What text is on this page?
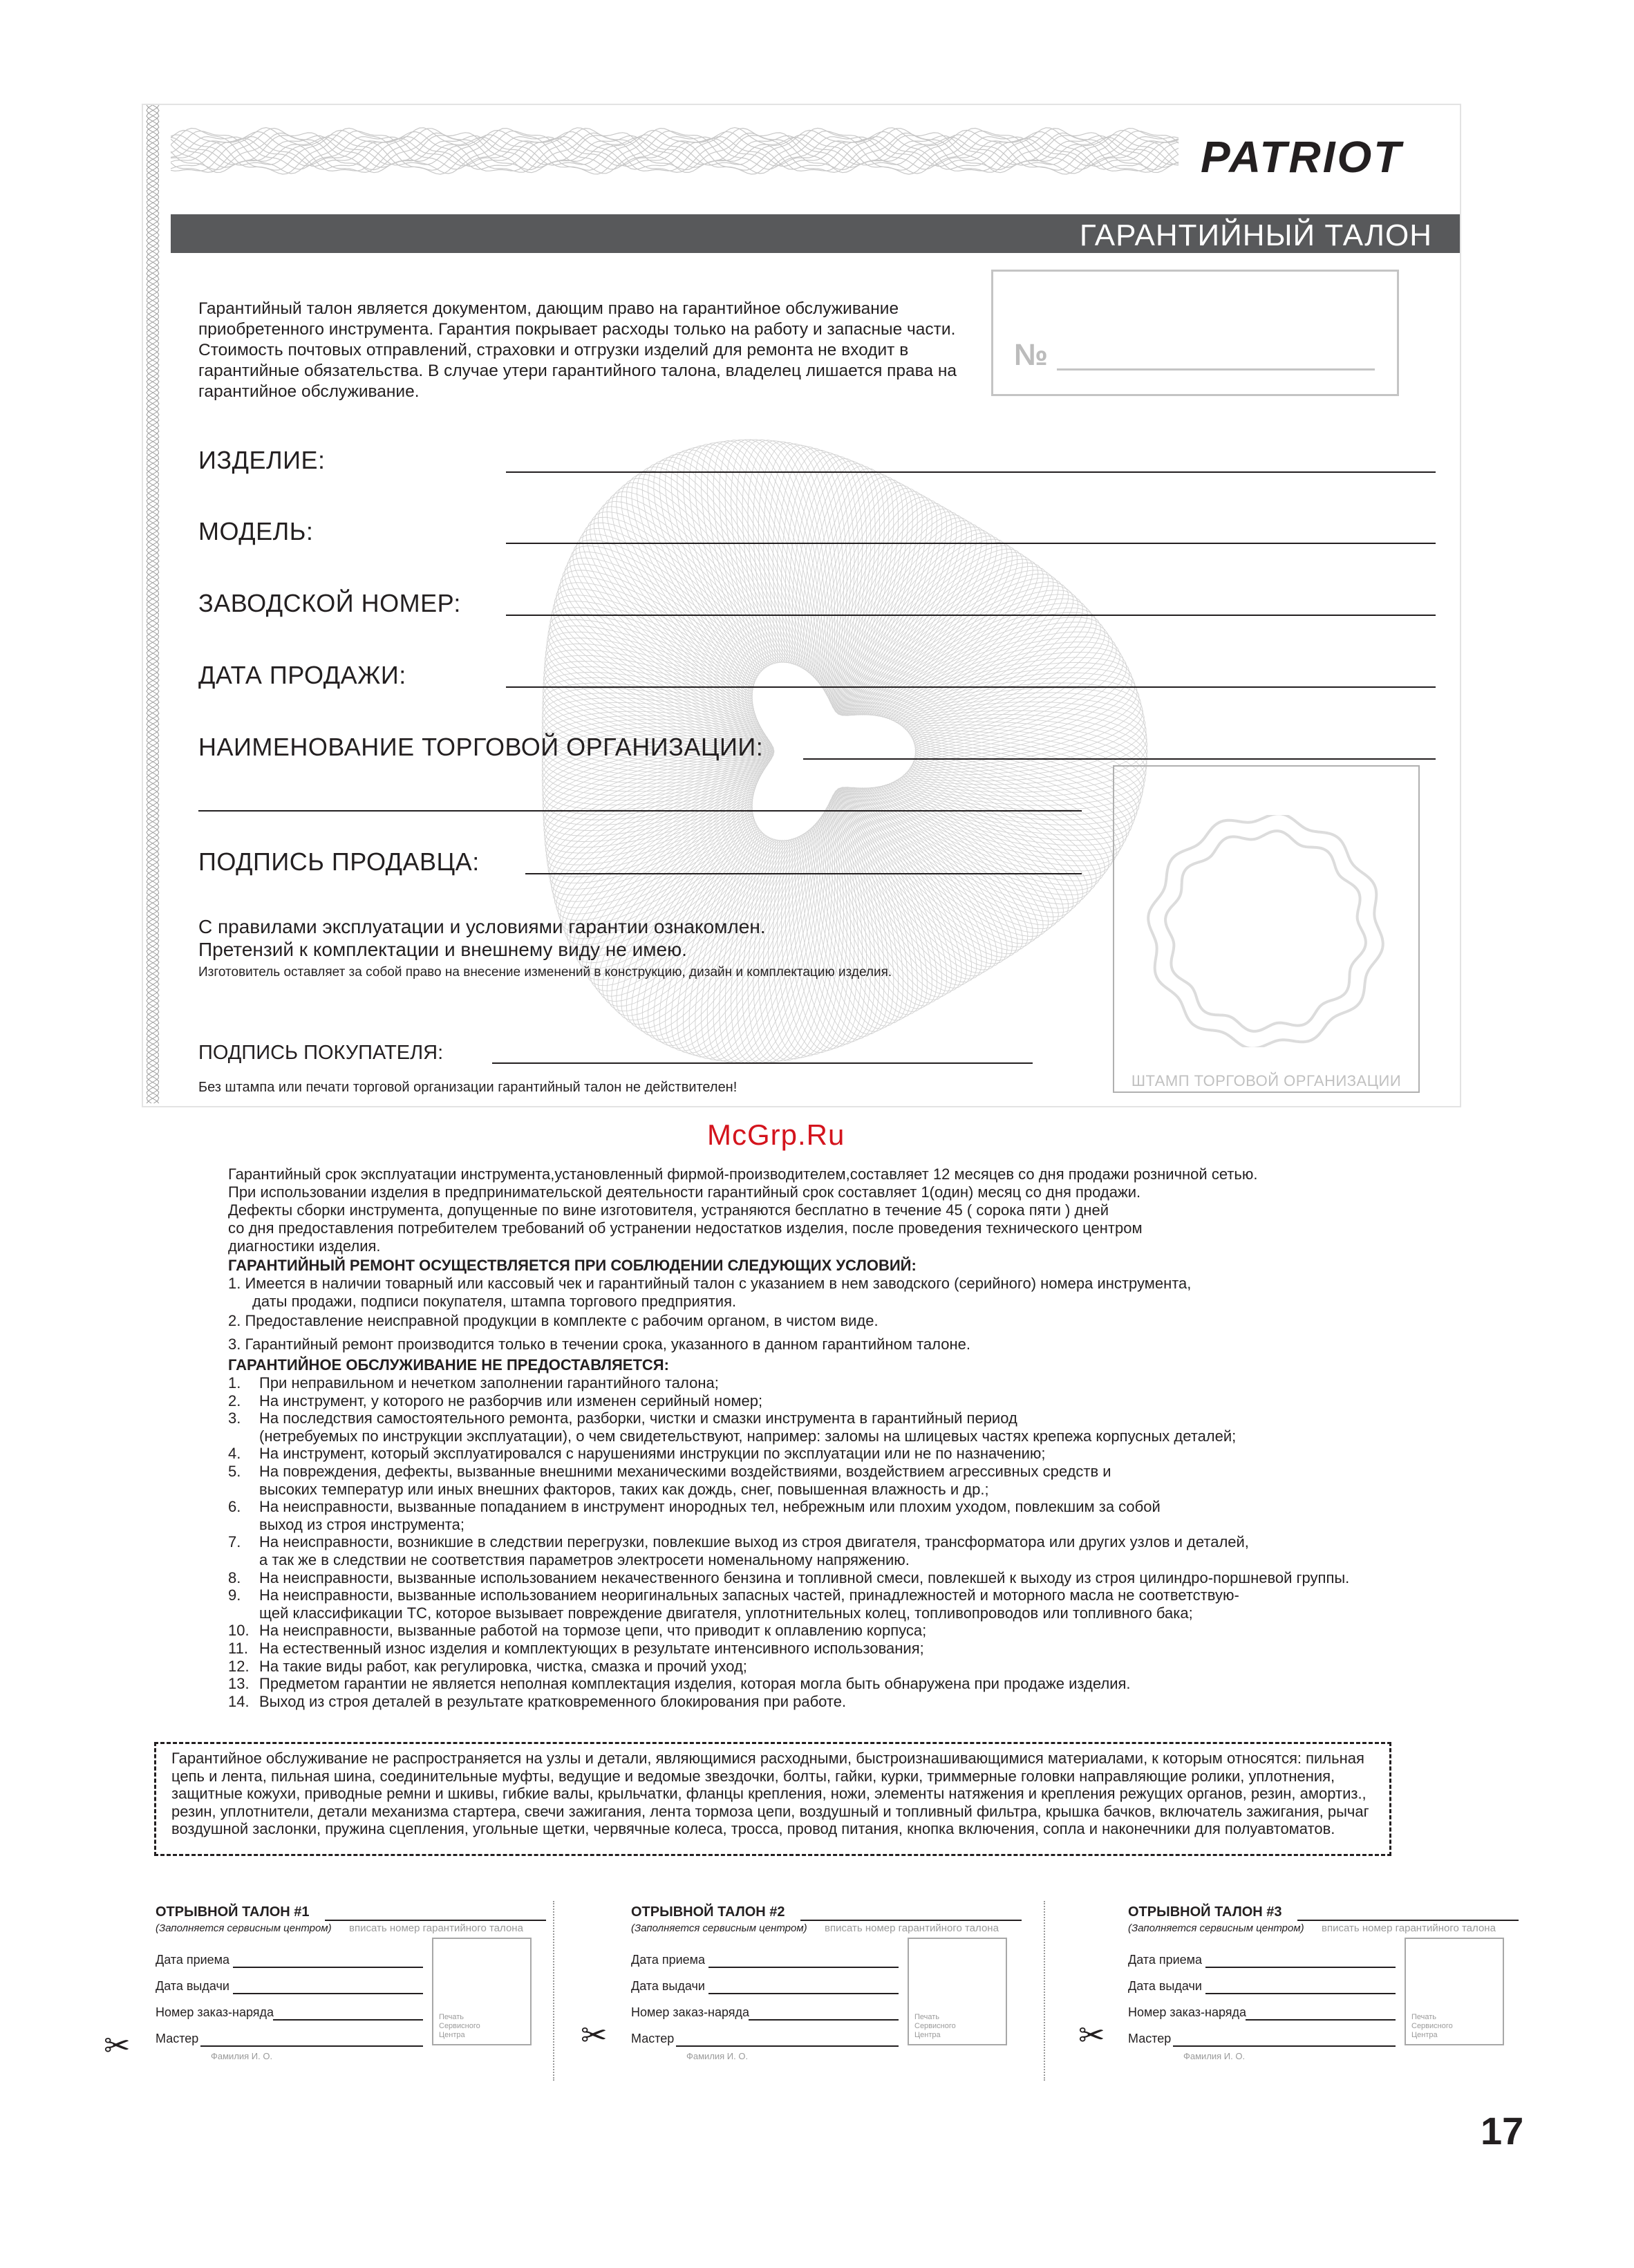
PATRIOT
ГАРАНТИЙНЫЙ ТАЛОН
Гарантийный талон является документом, дающим право на гарантийное обслуживание приобретенного инструмента. Гарантия покрывает расходы только на работу и запасные части. Стоимость почтовых отправлений, страховки и отгрузки изделий для ремонта не входит в гарантийные обязательства. В случае утери гарантийного талона, владелец лишается права на гарантийное обслуживание.
№
ИЗДЕЛИЕ:
МОДЕЛЬ:
ЗАВОДСКОЙ НОМЕР:
ДАТА ПРОДАЖИ:
НАИМЕНОВАНИЕ ТОРГОВОЙ ОРГАНИЗАЦИИ:
ПОДПИСЬ ПРОДАВЦА:
ШТАМП ТОРГОВОЙ ОРГАНИЗАЦИИ
С правилами эксплуатации и условиями гарантии ознакомлен.
Претензий к комплектации и внешнему виду не имею.
Изготовитель оставляет за собой право на внесение изменений в конструкцию, дизайн и комплектацию изделия.
ПОДПИСЬ ПОКУПАТЕЛЯ:
Без штампа или печати торговой организации гарантийный талон не действителен!
McGrp.Ru
Гарантийный срок эксплуатации инструмента,установленный фирмой-производителем,составляет 12 месяцев со дня продажи розничной сетью.
При использовании изделия в предпринимательской деятельности гарантийный срок составляет 1(один) месяц со дня продажи.
Дефекты сборки инструмента, допущенные по вине изготовителя, устраняются бесплатно в течение 45 ( сорока пяти ) дней
со дня предоставления потребителем требований об устранении недостатков изделия, после проведения технического центром
диагностики изделия.
ГАРАНТИЙНЫЙ РЕМОНТ ОСУЩЕСТВЛЯЕТСЯ ПРИ СОБЛЮДЕНИИ СЛЕДУЮЩИХ УСЛОВИЙ:
1. Имеется в наличии товарный или кассовый чек и гарантийный талон с указанием в нем заводского (серийного) номера инструмента,
даты продажи, подписи покупателя, штампа торгового предприятия.
2. Предоставление неисправной продукции в комплекте с рабочим органом, в чистом виде.
3. Гарантийный ремонт производится только в течении срока, указанного в данном гарантийном талоне.
ГАРАНТИЙНОЕ ОБСЛУЖИВАНИЕ НЕ ПРЕДОСТАВЛЯЕТСЯ:
1. При неправильном и нечетком заполнении гарантийного талона;
2. На инструмент, у которого не разборчив или изменен серийный номер;
3. На последствия самостоятельного ремонта, разборки, чистки и смазки инструмента в гарантийный период
(нетребуемых по инструкции эксплуатации), о чем свидетельствуют, например: заломы на шлицевых частях крепежа корпусных деталей;
4. На инструмент, который эксплуатировался с нарушениями инструкции по эксплуатации или не по назначению;
5. На повреждения, дефекты, вызванные внешними механическими воздействиями, воздействием агрессивных средств и
высоких температур или иных внешних факторов, таких как дождь, снег, повышенная влажность и др.;
6. На неисправности, вызванные попаданием в инструмент инородных тел, небрежным или плохим уходом, повлекшим за собой
выход из строя инструмента;
7. На неисправности, возникшие в следствии перегрузки, повлекшие выход из строя двигателя, трансформатора или других узлов и деталей,
а так же в следствии не соответствия параметров электросети номенальному напряжению.
8. На неисправности, вызванные использованием некачественного бензина и топливной смеси, повлекшей к выходу из строя цилиндро-поршневой группы.
9. На неисправности, вызванные использованием неоригинальных запасных частей, принадлежностей и моторного масла не соответствую-
щей классификации ТС, которое вызывает повреждение двигателя, уплотнительных колец, топливопроводов или топливного бака;
10. На неисправности, вызванные работой на тормозе цепи, что приводит к оплавлению корпуса;
11. На естественный износ изделия и комплектующих в результате интенсивного использования;
12. На такие виды работ, как регулировка, чистка, смазка и прочий уход;
13. Предметом гарантии не является неполная комплектация изделия, которая могла быть обнаружена при продаже изделия.
14. Выход из строя деталей в результате кратковременного блокирования при работе.
Гарантийное обслуживание не распространяется на узлы и детали, являющимися расходными, быстроизнашивающимися материалами, к которым относятся: пильная цепь и лента, пильная шина, соединительные муфты, ведущие и ведомые звездочки, болты, гайки, курки, триммерные головки направляющие ролики, уплотнения, защитные кожухи, приводные ремни и шкивы, гибкие валы, крыльчатки, фланцы крепления, ножи, элементы натяжения и крепления режущих органов, резин, амортиз., резин, уплотнители, детали механизма стартера, свечи зажигания, лента тормоза цепи, воздушный и топливный фильтра, крышка бачков, включатель зажигания, рычаг воздушной заслонки, пружина сцепления, угольные щетки, червячные колеса, тросса, провод питания, кнопка включения, сопла и наконечники для полуавтоматов.
✂	✂	✂
ОТРЫВНОЙ ТАЛОН #1
(Заполняется сервисным центром) вписать номер гарантийного талона
Дата приема
Дата выдачи
Номер заказ-наряда
Мастер
Фамилия И. О.
Печать Сервисного Центра
ОТРЫВНОЙ ТАЛОН #2
(Заполняется сервисным центром) вписать номер гарантийного талона
Дата приема
Дата выдачи
Номер заказ-наряда
Мастер
Фамилия И. О.
Печать Сервисного Центра
ОТРЫВНОЙ ТАЛОН #3
(Заполняется сервисным центром) вписать номер гарантийного талона
Дата приема
Дата выдачи
Номер заказ-наряда
Мастер
Фамилия И. О.
Печать Сервисного Центра
17
